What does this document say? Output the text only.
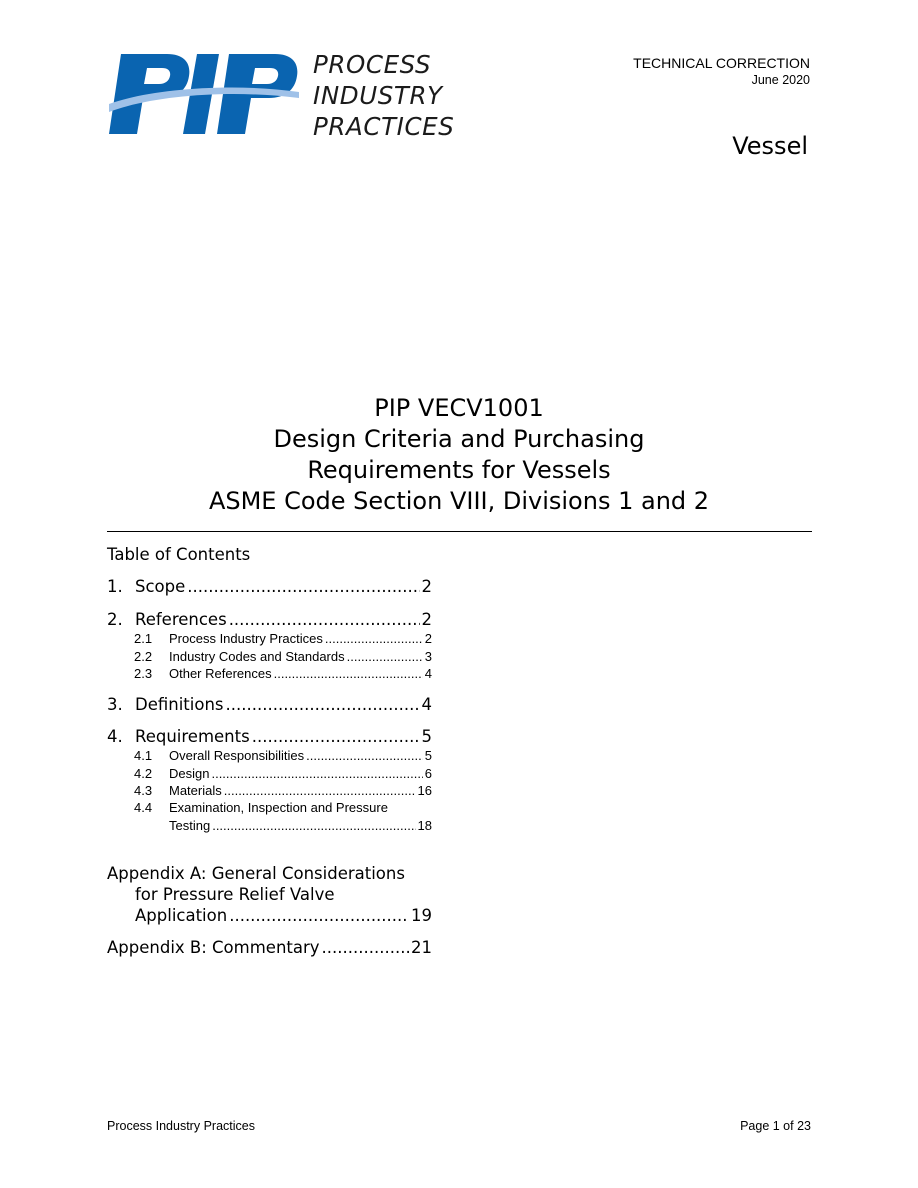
PROCESS
INDUSTRY
PRACTICES
TECHNICAL CORRECTION
June 2020
Vessel
PIP VECV1001
Design Criteria and Purchasing
Requirements for Vessels
ASME Code Section VIII, Divisions 1 and 2
Table of Contents
1. Scope .....	2
2. References .....	2
2.1	Process Industry Practices .....	2
2.2	Industry Codes and Standards .....	3
2.3	Other References .....	4
3. Definitions .....	4
4. Requirements .....	5
4.1	Overall Responsibilities .....	5
4.2	Design .....	6
4.3	Materials .....	16
4.4 Examination, Inspection and Pressure
Testing .....	18
Appendix A: General Considerations
for Pressure Relief Valve
Application .....	19
Appendix B: Commentary .....	21
Process Industry Practices	Page 1 of 23
